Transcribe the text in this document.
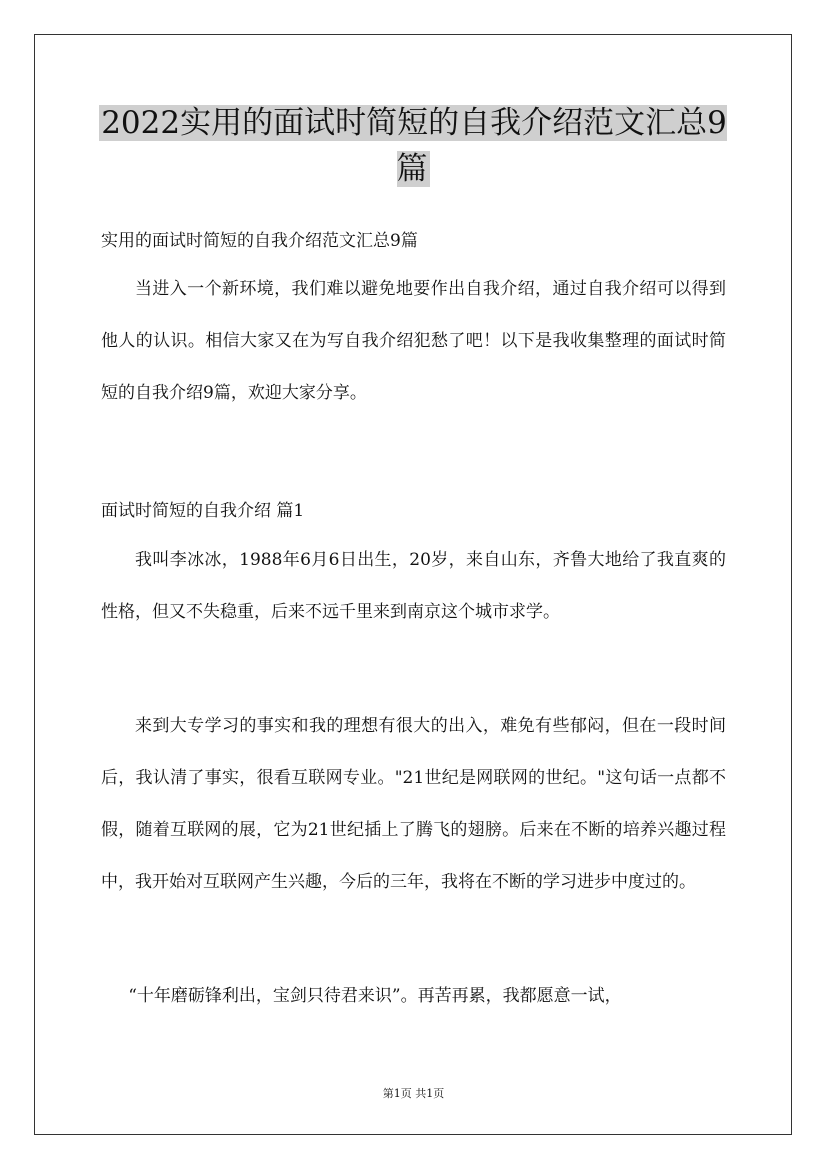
2022实用的面试时简短的自我介绍范文汇总9篇

实用的面试时简短的自我介绍范文汇总9篇

当进入一个新环境，我们难以避免地要作出自我介绍，通过自我介绍可以得到他人的认识。相信大家又在为写自我介绍犯愁了吧！以下是我收集整理的面试时简短的自我介绍9篇，欢迎大家分享。

面试时简短的自我介绍 篇1

我叫李冰冰，1988年6月6日出生，20岁，来自山东，齐鲁大地给了我直爽的性格，但又不失稳重，后来不远千里来到南京这个城市求学。

来到大专学习的事实和我的理想有很大的出入，难免有些郁闷，但在一段时间后，我认清了事实，很看互联网专业。"21世纪是网联网的世纪。"这句话一点都不假，随着互联网的展，它为21世纪插上了腾飞的翅膀。后来在不断的培养兴趣过程中，我开始对互联网产生兴趣，今后的三年，我将在不断的学习进步中度过的。

“十年磨砺锋利出，宝剑只待君来识”。再苦再累，我都愿意一试，

第1页 共1页
